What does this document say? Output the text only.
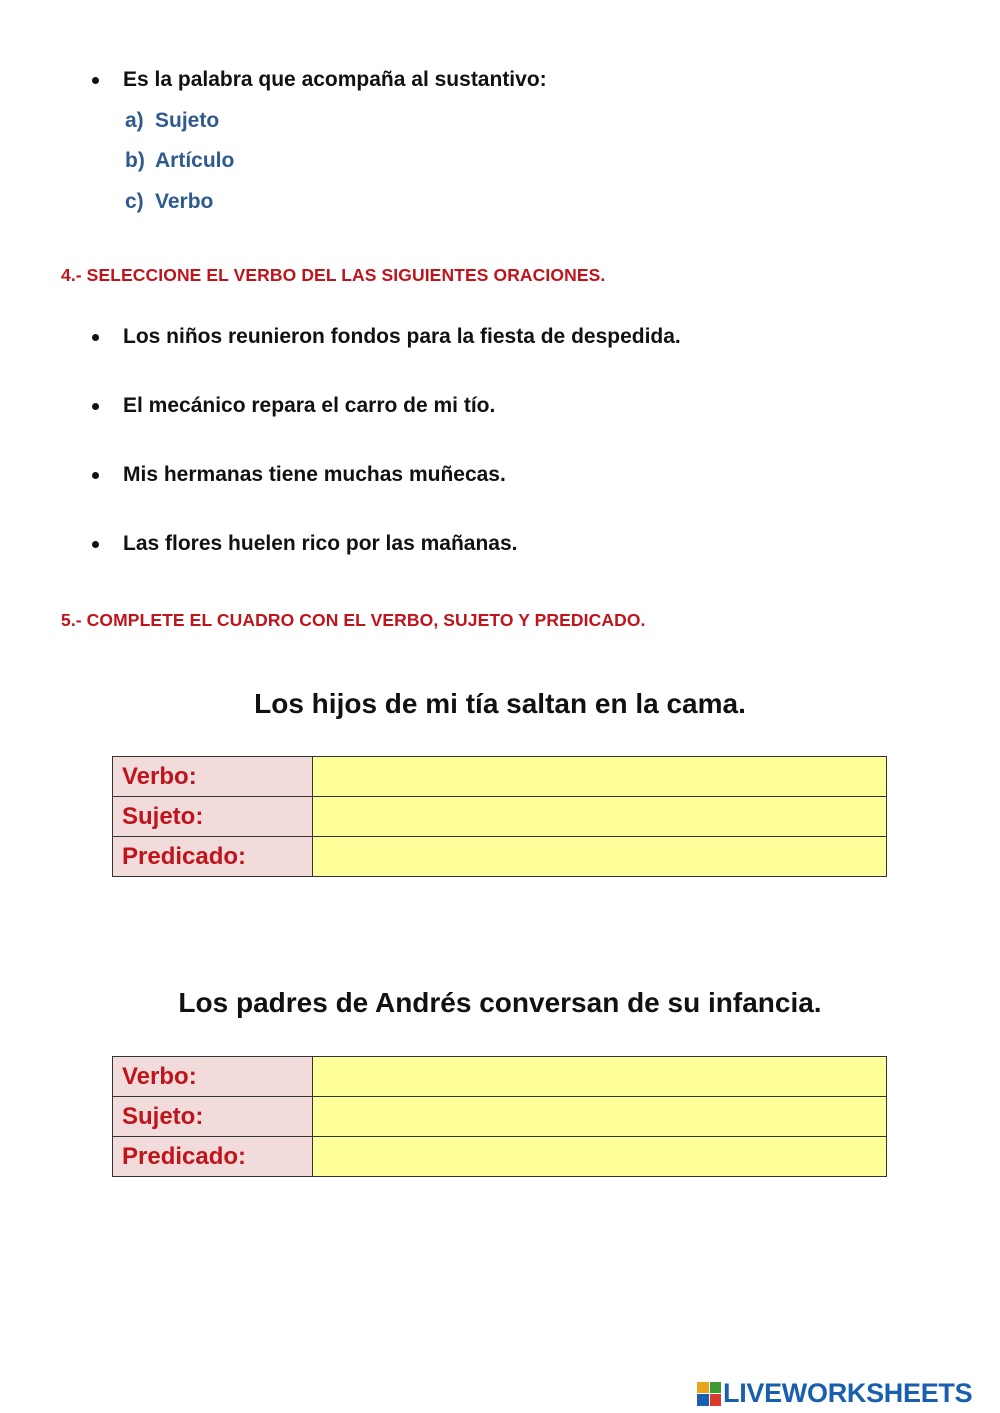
Es la palabra que acompaña al sustantivo:
a) Sujeto
b) Artículo
c) Verbo
4.- SELECCIONE EL VERBO DEL LAS SIGUIENTES ORACIONES.
Los niños reunieron fondos para la fiesta de despedida.
El mecánico repara el carro de mi tío.
Mis hermanas tiene muchas muñecas.
Las flores huelen rico por las mañanas.
5.- COMPLETE EL CUADRO CON EL VERBO, SUJETO Y PREDICADO.
Los hijos de mi tía saltan en la cama.
Verbo:	
Sujeto:	
Predicado:	
Los padres de Andrés conversan de su infancia.
Verbo:	
Sujeto:	
Predicado:	
LIVEWORKSHEETS
